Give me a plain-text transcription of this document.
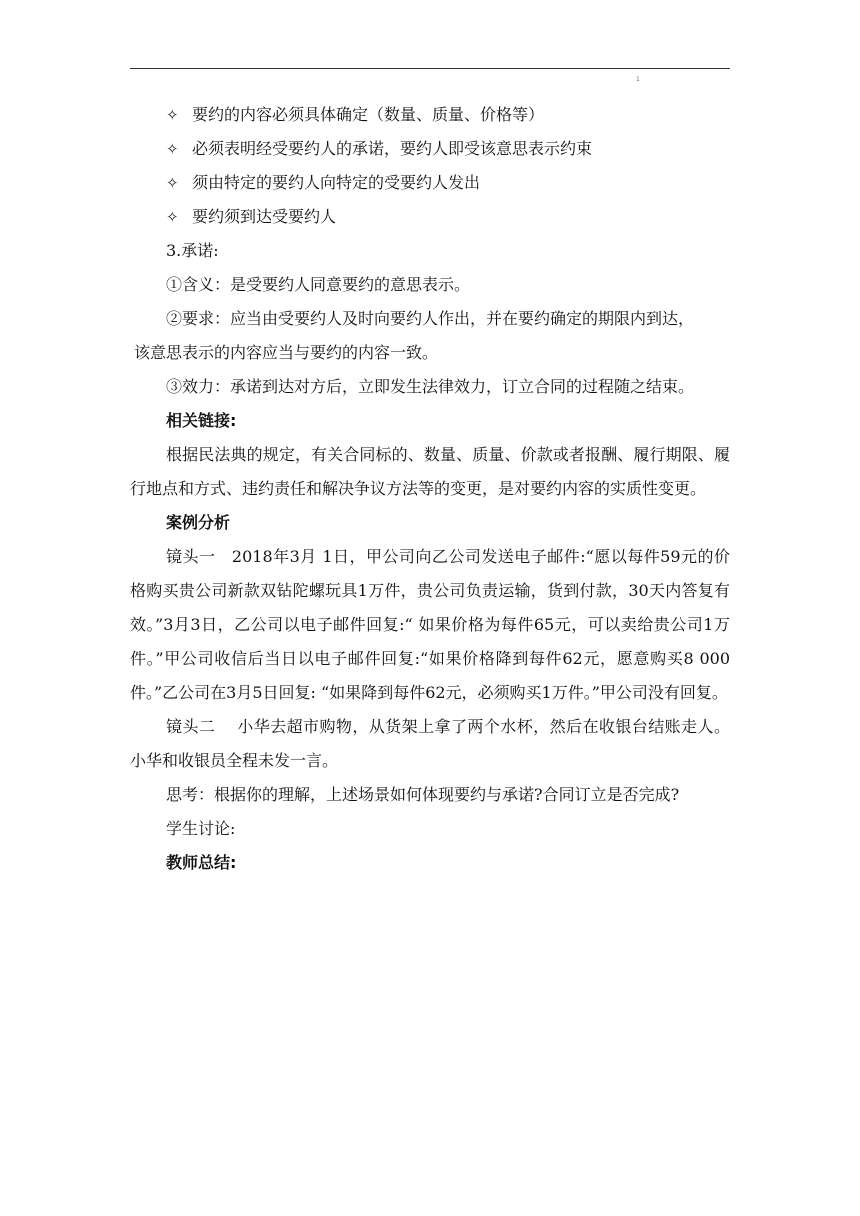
1
✧ 要约的内容必须具体确定（数量、质量、价格等）
✧ 必须表明经受要约人的承诺，要约人即受该意思表示约束
✧ 须由特定的要约人向特定的受要约人发出
✧ 要约须到达受要约人

3.承诺:

①含义：是受要约人同意要约的意思表示。

②要求：应当由受要约人及时向要约人作出，并在要约确定的期限内到达，

该意思表示的内容应当与要约的内容一致。

③效力：承诺到达对方后，立即发生法律效力，订立合同的过程随之结束。

相关链接:

根据民法典的规定，有关合同标的、数量、质量、价款或者报酬、履行期限、履行地点和方式、违约责任和解决争议方法等的变更，是对要约内容的实质性变更。

案例分析

镜头一　2018年3月 1日，甲公司向乙公司发送电子邮件:“愿以每件59元的价格购买贵公司新款双钻陀螺玩具1万件，贵公司负责运输，货到付款，30天内答复有效。”3月3日，乙公司以电子邮件回复:“ 如果价格为每件65元，可以卖给贵公司1万件。”甲公司收信后当日以电子邮件回复:“如果价格降到每件62元，愿意购买8 000件。”乙公司在3月5日回复: “如果降到每件62元，必须购买1万件。”甲公司没有回复。

镜头二　 小华去超市购物，从货架上拿了两个水杯，然后在收银台结账走人。小华和收银员全程未发一言。

思考：根据你的理解，上述场景如何体现要约与承诺?合同订立是否完成?

学生讨论:

教师总结:
